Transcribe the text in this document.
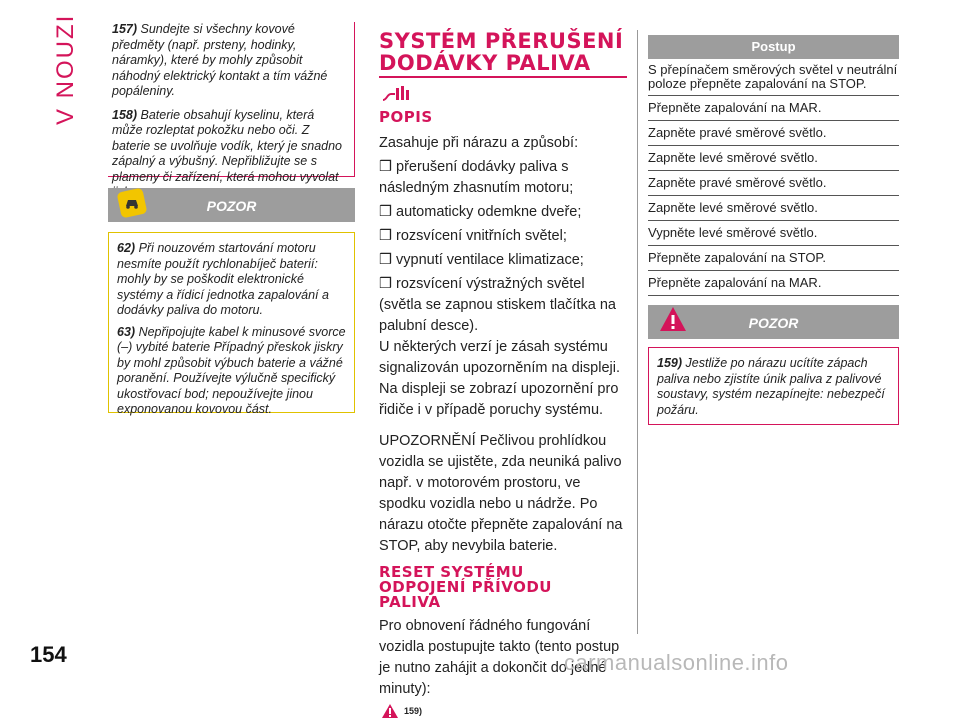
V NOUZI	157) Sundejte si všechny kovové předměty (např. prsteny, hodinky, náramky), které by mohly způsobit náhodný elektrický kontakt a tím vážné popáleniny.

158) Baterie obsahují kyselinu, která může rozleptat pokožku nebo oči. Z baterie se uvolňuje vodík, který je snadno zápalný a výbušný. Nepřibližujte se s plameny či zařízení, která mohou vyvolat

POZOR

62) Při nouzovém startování motoru nesmíte použít rychlonabíječ baterií: mohly by se poškodit elektronické systémy a řídicí jednotka zapalování a dodávky paliva do motoru.

63) Nepřipojujte kabel k minusové svorce (–) vybité baterie Případný přeskok jiskry by mohl způsobit výbuch baterie a vážné poranění. Používejte výlučně specifický ukostřovací bod; nepoužívejte jinou exponovanou kovovou část.

SYSTÉM PŘERUŠENÍ
DODÁVKY PALIVA
POPIS
Zasahuje při nárazu a způsobí:
❒ přerušení dodávky paliva s následným zhasnutím motoru;
❒ automaticky odemkne dveře;
❒ rozsvícení vnitřních světel;
❒ vypnutí ventilace klimatizace;
❒ rozsvícení výstražných světel (světla se zapnou stiskem tlačítka na palubní desce).
U některých verzí je zásah systému signalizován upozorněním na displeji. Na displeji se zobrazí upozornění pro řidiče i v případě poruchy systému.
UPOZORNĚNÍ Pečlivou prohlídkou vozidla se ujistěte, zda neuniká palivo např. v motorovém prostoru, ve spodku vozidla nebo u nádrže. Po nárazu otočte přepněte zapalování na STOP, aby nevybila baterie.
RESET SYSTÉMU
ODPOJENÍ PŘÍVODU
PALIVA
Pro obnovení řádného fungování vozidla postupujte takto (tento postup je nutno zahájit a dokončit do jedné minuty):
159)
Postup
S přepínačem směrových světel v neutrální poloze přepněte zapalování na STOP.
Přepněte zapalování na MAR.
Zapněte pravé směrové světlo.
Zapněte levé směrové světlo.
Zapněte pravé směrové světlo.
Zapněte levé směrové světlo.
Vypněte levé směrové světlo.
Přepněte zapalování na STOP.
Přepněte zapalování na MAR.
POZOR

159) Jestliže po nárazu ucítíte zápach paliva nebo zjistíte únik paliva z palivové soustavy, systém nezapínejte: nebezpečí požáru.

154	carmanualsonline.info
